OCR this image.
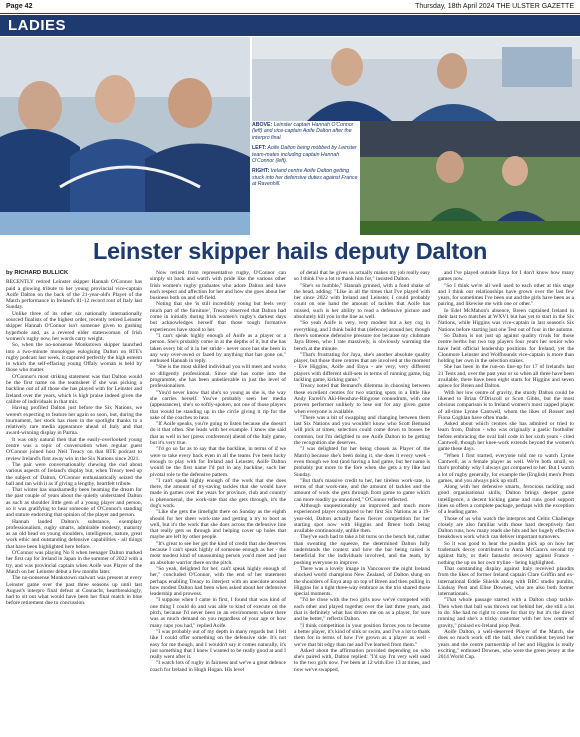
Page 42	Thursday, 18th April 2024 THE ULSTER GAZETTE
LADIES

ABOVE: Leinster captain Hannah O'Connor (left) and vice-captain Aoife Dalton after the interpro final.

LEFT: Aoife Dalton being mobbed by Leinster team-mates including captain Hannah O'Connor (left).

RIGHT: Ireland centre Aoife Dalton getting stuck into her defensive duties against France at Ravenhill.

Leinster skipper hails deputy Dalton
by RICHARD BULLICK

RECENTLY retired Leinster skipper Hannah O'Connor has paid a glowing tribute to her young provincial vice-captain Aoife Dalton on the back of the 21-year-old's Player of the Match performance in Ireland's 81-12 record rout of Italy last Sunday.

Unlike three of its other six nationally internationally sourced finalists of the highest order, recently retired Leinster skipper Hannah O'Connor isn't someone given to gushing hyperbole and, as a revered elder stateswoman of Irish women's rugby now, her words carry weight.

So, when the no-nonsense Monkstown skipper launched into a two-minute monologue eulogising Dalton on RTE's rugby podcast last week, it captured perfectly the high esteem in which the self-effacing young Offaly woman is held by those who matter.

O'Connor's most striking statement was that Dalton would be the first name on the teamsheet if she was picking a backline out of all those she has played with for Leinster and Ireland over the years, which is high praise indeed given the calibre of individuals in that mix.

Having profiled Dalton just before the Six Nations, we weren't expecting to feature her again so soon, but, during the tournament, her stock has risen in the spotlight thanks to a relatively rare media appearance ahead of Italy and that award-winning display in Parma.

It was only natural then that the easily-overlooked young centre was a topic of conversation when regular guest O'Connor joined host Neil Treacy on that RTE podcast to review Ireland's first away win in the Six Nations since 2021.

The pair were conversationally chewing the cud about various aspects of Ireland's display but, when Treacy teed up the subject of Dalton, O'Connor enthusiastically seized the ball and ran with it as if giving a lengthy, heartfelt tribute.

That winter has unashamedly been beaming the dream for the past couple of years about the quietly understated Dalton as such as shoulder little gem of a young player and person, so it was gratifying to hear someone of O'Connor's standing and stature endorsing that opinion of the player and person.

Hannah lauded Dalton's substance, exemplary professionalism, rugby smarts, admirable modesty, maturity as an old head on young shoulders, intelligence, nature, great work ethic and outstanding defensive capabilities - all things that have been highlighted here before.

O'Connor was playing No 8 when teenager Dalton marked her first cap for Ireland in Japan in the summer of 2022 with a try, and was provincial captain when Aoife was Player of the Match on her Leinster debut a few months later.

The no-nonsense Monkstown stalwart was present at every Leinster game over the past three seasons up until last August's interpro final defeat at Connacht, heartbreakingly, had to sit out what would have been her final match in blue before retirement due to concussion.

Now retired from representative rugby, O'Connor can simply sit back and watch with pride like the various other Irish women's rugby graduates who adore Dalton and have each respect and affection for her and how she goes about her business both on and off-field.

Noting that she 'is still incredibly young but feels very much part of the furniture', Treacy observed that Dalton had come in initially during Irish women's rugby's darkest days but acknowledges herself that those tough formative experiences have stood to her.

"I can't speak highly enough of Aoife as a player or a person. She's probably come in at the depths of it, but she has taken every bit of it in her stride - never once has she been in any way over-awed or fazed by anything that has gone on," enthused Hannah in reply.

"She is the most skilled individual you will meet and works so diligently professional. Since she has come into the programme, she has been unbelievable in just the level of professionalism.

"You'd never know that she's so young as she is, the way she carries herself. You've probably seen her media (appearances), she's so softly-spoken, not one of those players that would be standing up in the circle giving it rip for the sake of the coaches to hear.

"If Aoife speaks, you're going to listen because she doesn't do it that often. She leads with her example. I know she said that as well in her (press conference) ahead of the Italy game, but it's very true.

"I'd go so far as to say that the backline, in terms of if we were to take every back even in all the teams I've been lucky enough to play with for Ireland and Leinster, Aoife Dalton would be the first name I'd put in any backline, such her pivotal role to the defensive pattern.

"I can't speak highly enough of the work that she does there, the amount of try-saving tackles that she would have made in games over the years for province, club and country is phenomenal, the work-rate that she gets through, it's the dog's work.

"Like she gets the limelight there on Sunday as the eighth should for her sheer work-rate and getting a try to boot as well, but it's the work that she does across the defensive line that really gets us through and helping cover up holes that maybe are left by other people.

"It's great to see her get the kind of credit that she deserves because I can't speak highly of someone enough as her - the most modest kind of unassuming person you'd meet and just an absolute warrior there on the pitch.

"So yeah, delighted for her, can't speak highly enough of her," concluded O'Connor, with the end of her statement perhaps enabling Treacy to interject with an anecdote around how modest Dalton had been when asked about her defensive leadership and prowess.

"I suppose when I came in first, I found that was kind of one thing I could do and was able to kind of execute on the pitch, because I'd never been in an environment where there was as much demand on you regardless of your age or how many caps you had," replied Aoife.

"I was probably out of my depth in many regards but I felt like I could offer something on the defensive side. It's not easy for me though, and I wouldn't say it comes naturally, it's just something that I knew I wanted to be really good at and I really went after it.

"I watch lots of rugby in fairness and we've a great defence coach for Ireland in Hugh Hogan. His level

of detail that he gives us actually makes my job really easy so I think I've a lot to thank him for," insisted Dalton.

"She's so humble," Hannah grinned, with a fond shake of the head, adding: "Like in all the times that I've played with her since 2022 with Ireland and Leinster, I could probably count on one hand the amount of tackles that Aoife has missed, such is her ability to read a defensive picture and absolutely kill you in the line as well.

"So yeah Aoife is very, very modest but a key cog in everything, and I think build that (defence) around her, though there's someone defensive pressure too because my clubmate Jaya Breen, who I rate massively, is obviously warming the bench at the minute.

"That's frustrating for Jaya, she's another absolute quality player, but those three centres that are involved at the moment - Eve Higgins, Aoife and Enya - are very, very different players with different skill-sets in terms of running game, big tackling game, kicking game."

Treacy noted that Bemand's dilemma in choosing between these excellent centres for two starting spots in a little like Andy Farrell's Aki-Henshaw-Ringrose conundrum, with one proven performer unlikely to lose out for any given game when everyone is available.

"There was a bit of swapping and changing between them last Six Nations and you wouldn't know who Scott Bemand will pick at times, selection could come down to bosses be common, but I'm delighted to see Aoife Dalton to be getting the recognition she deserves.

"I was delighted for her being chosen as Player of the Match) because she's been doing it, she does it every week - even though we lost (and having a bad game, but her name is probably put more to the fore when she gets a try like last Sunday.

"But that's massive credit to her, her tireless work-rate, in terms of that work-rate, and the amount of tackles and the amount of work she gets through from game to game which can more readily go unnoticed," O'Connor reflected.

Although unquestionably an improved and much more experienced player compared to her first Six Nations as a 19-year-old, Dalton actually faces fiercer competition for her starting spot now with Higgins and Breen both being available continuously, unlike then.

They've each had to take a bit turns on the bench but, rather than sweating the squeeze, the determined Dalton fully understands the context and how the bar being raised is beneficial for the individuals involved, and the team, by pushing everyone to improve.

There was a lovely image in Vancouver the night Ireland shocked world champions New Zealand, of Dalton slung on the shoulders of Enya atop on top of Breen and then pulling in Higgins for a tight three-way embrace as the trio shared those special moments.

"I'd be close with the two girls now we've competed with each other and played together over the last three years, and that is definitely what has driven me on as a player, for sure and be better," reflects Dalton.

"I think competition in your position forces you to become a better player, it's kind of sink or swim, and I've a lot to thank them for in terms of how I've grown as a player as well - we've that bit edgy than me and I've learned from them."

Asked about the affirmation provided depending on who she's paired with, Dalton replied: "I'd say I'm very well used to the two girls now. I've been at 12 with Eve 13 at times, and now we've swapped,

and I've played outside Enya for I don't know how many games now.

"So I think we're all well used to each other at this stage and I think our relationships have grown over the last few years, for sometimes I've been out and the girls have been as a pairing, and likewise me with one or other."

In Edel McMahon's absence, Breen captained Ireland in their last two matches at WXV1 but has yet to start in the Six Nations, while Higgins was vice-captain in last season's Six Nations before starting just one Test out of four in the autumn.

So Dalton is not just up against quality rivals for those centre berths but two top players four years her senior who have held official leadership positions for Ireland, yet the Clonmore Leinster and Wolfhounds vice-captain is more than holding her own in the selection stakes.

She has been in the run-on line-up for 17 of Ireland's last 21 Tests and, over the past year or so when all three have been available, there have been eight starts for Higgins and seven apiece for Breen and Dalton.

With her low centre of gravity, the sturdy Dalton could be likened to Brian O'Driscoll or Scott Gibbs, but the most obvious comparison is to Ireland women's most capped player of all-time Lynne Cantwell, whom the likes of Rosser and Fiona Coghlan have often made.

Asked about which centres she has admired or tried to learn from, Dalton - who was originally a gaelic footballer before embracing the oval ball code in her sixth years - cited Cantwell, though her knee-work extends beyond the women's game these days.

"When I first started, everyone told me to watch Lynne Cantwell, as a female player as well. We're both small, so that's probably why I always got compared to her. But I watch a lot of rugby generally, for example the (English) men's Prem games, and you always pick up stuff.

Along with her defensive smarts, ferocious tackling and good organisational skills, Dalton brings deeper game intelligence, a decent kicking game and runs good support lines so offers a complete package, perhaps with the exception of a leading game.

Those of us who watch the interpros and Celtic Challenge closely are also familiar with those hard deceptively fast Dalton runs, how many reads she hits and her hugely effective breakdown work which can deliver important turnovers.

So it was good to hear the pundits pick up on how her trademark decoy contributed to Anna McGann's second try against Italy, or their fantastic recovery against France - nothing the up on her own tryline - being highlighted.

That outstanding display against Italy received plaudits from the likes of former Ireland captain Clare Griffin and ex-international Eddie Shields along with BBC studio pundits, Lindsay Peat and Elise Downes, who are also both former internationals.

"That whole passage started with a Dalton chop tackle. Then when that ball was thrown out behind her, she still a lot to do. She had no right to come for that try but it's the direct running and she's a tricky customer with her low centre of gravity," praised ex-Ireland prop Peat.

Aoife Dalton, a well-deserved Player of the Match, she does so much work off the ball, she's confident beyond her years and the centre partnership of her and Higgins is really exciting," enthused Downes, who were the green jersey at the 2014 World Cup.
